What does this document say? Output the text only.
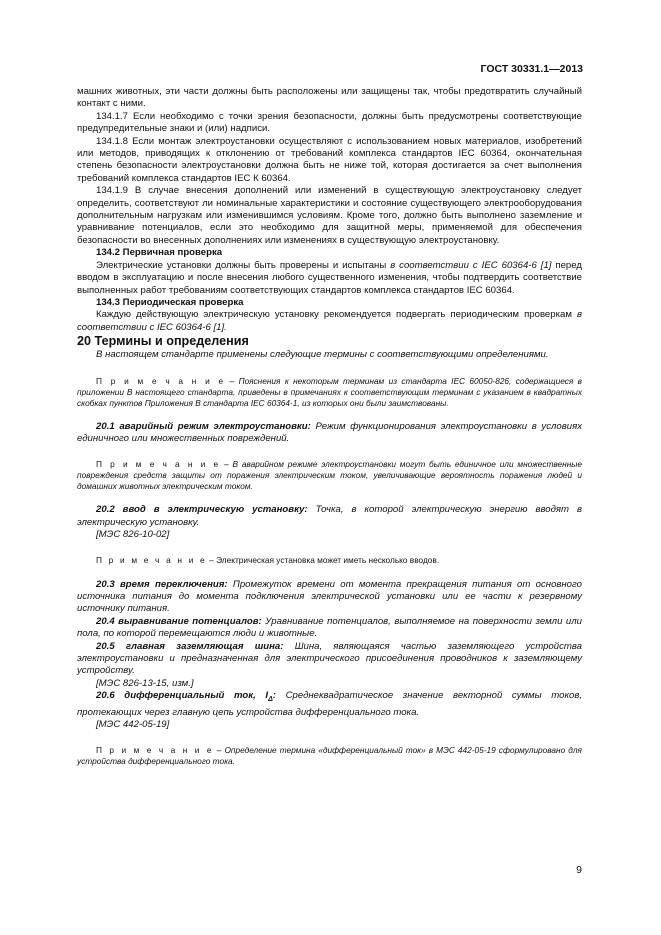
ГОСТ 30331.1—2013

машних животных, эти части должны быть расположены или защищены так, чтобы предотвратить случайный контакт с ними.

134.1.7 Если необходимо с точки зрения безопасности, должны быть предусмотрены соответствующие предупредительные знаки и (или) надписи.

134.1.8 Если монтаж электроустановки осуществляют с использованием новых материалов, изобретений или методов, приводящих к отклонению от требований комплекса стандартов IEC 60364, окончательная степень безопасности электроустановки должна быть не ниже той, которая достигается за счет выполнения требований комплекса стандартов IEC К 60364.

134.1.9 В случае внесения дополнений или изменений в существующую электроустановку следует определить, соответствуют ли номинальные характеристики и состояние существующего электрооборудования дополнительным нагрузкам или изменившимся условиям. Кроме того, должно быть выполнено заземление и уравнивание потенциалов, если это необходимо для защитной меры, применяемой для обеспечения безопасности во внесенных дополнениях или изменениях в существующую электроустановку.

134.2 Первичная проверка

Электрические установки должны быть проверены и испытаны в соответствии с IEC 60364-6 [1] перед вводом в эксплуатацию и после внесения любого существенного изменения, чтобы подтвердить соответствие выполненных работ требованиям соответствующих стандартов комплекса стандартов IEC 60364.

134.3 Периодическая проверка

Каждую действующую электрическую установку рекомендуется подвергать периодическим проверкам в соответствии с IEC 60364-6 [1].

20 Термины и определения

В настоящем стандарте применены следующие термины с соответствующими определениями.

П р и м е ч а н и е – Пояснения к некоторым терминам из стандарта IEC 60050-826, содержащиеся в приложении В настоящего стандарта, приведены в примечаниях к соответствующим терминам с указанием в квадратных скобках пунктов Приложения В стандарта IEC 60364-1, из которых они были заимствованы.

20.1 аварийный режим электроустановки: Режим функционирования электроустановки в условиях единичного или множественных повреждений.

П р и м е ч а н и е – В аварийном режиме электроустановки могут быть единичное или множественные повреждения средств защиты от поражения электрическим током, увеличивающие вероятность поражения людей и домашних животных электрическим током.

20.2 ввод в электрическую установку: Точка, в которой электрическую энергию вводят в электрическую установку.

[МЭС 826-10-02]

П р и м е ч а н и е – Электрическая установка может иметь несколько вводов.

20.3 время переключения: Промежуток времени от момента прекращения питания от основного источника питания до момента подключения электрической установки или ее части к резервному источнику питания.

20.4 выравнивание потенциалов: Уравнивание потенциалов, выполняемое на поверхности земли или пола, по которой перемещаются люди и животные.

20.5 главная заземляющая шина: Шина, являющаяся частью заземляющего устройства электроустановки и предназначенная для электрического присоединения проводников к заземляющему устройству.

[МЭС 826-13-15, изм.]

20.6 дифференциальный ток, $I_\Delta$: Среднеквадратическое значение векторной суммы токов, протекающих через главную цепь устройства дифференциального тока.

[МЭС 442-05-19]

П р и м е ч а н и е – Определение термина «дифференциальный ток» в МЭС 442-05-19 сформулировано для устройства дифференциального тока.

9
